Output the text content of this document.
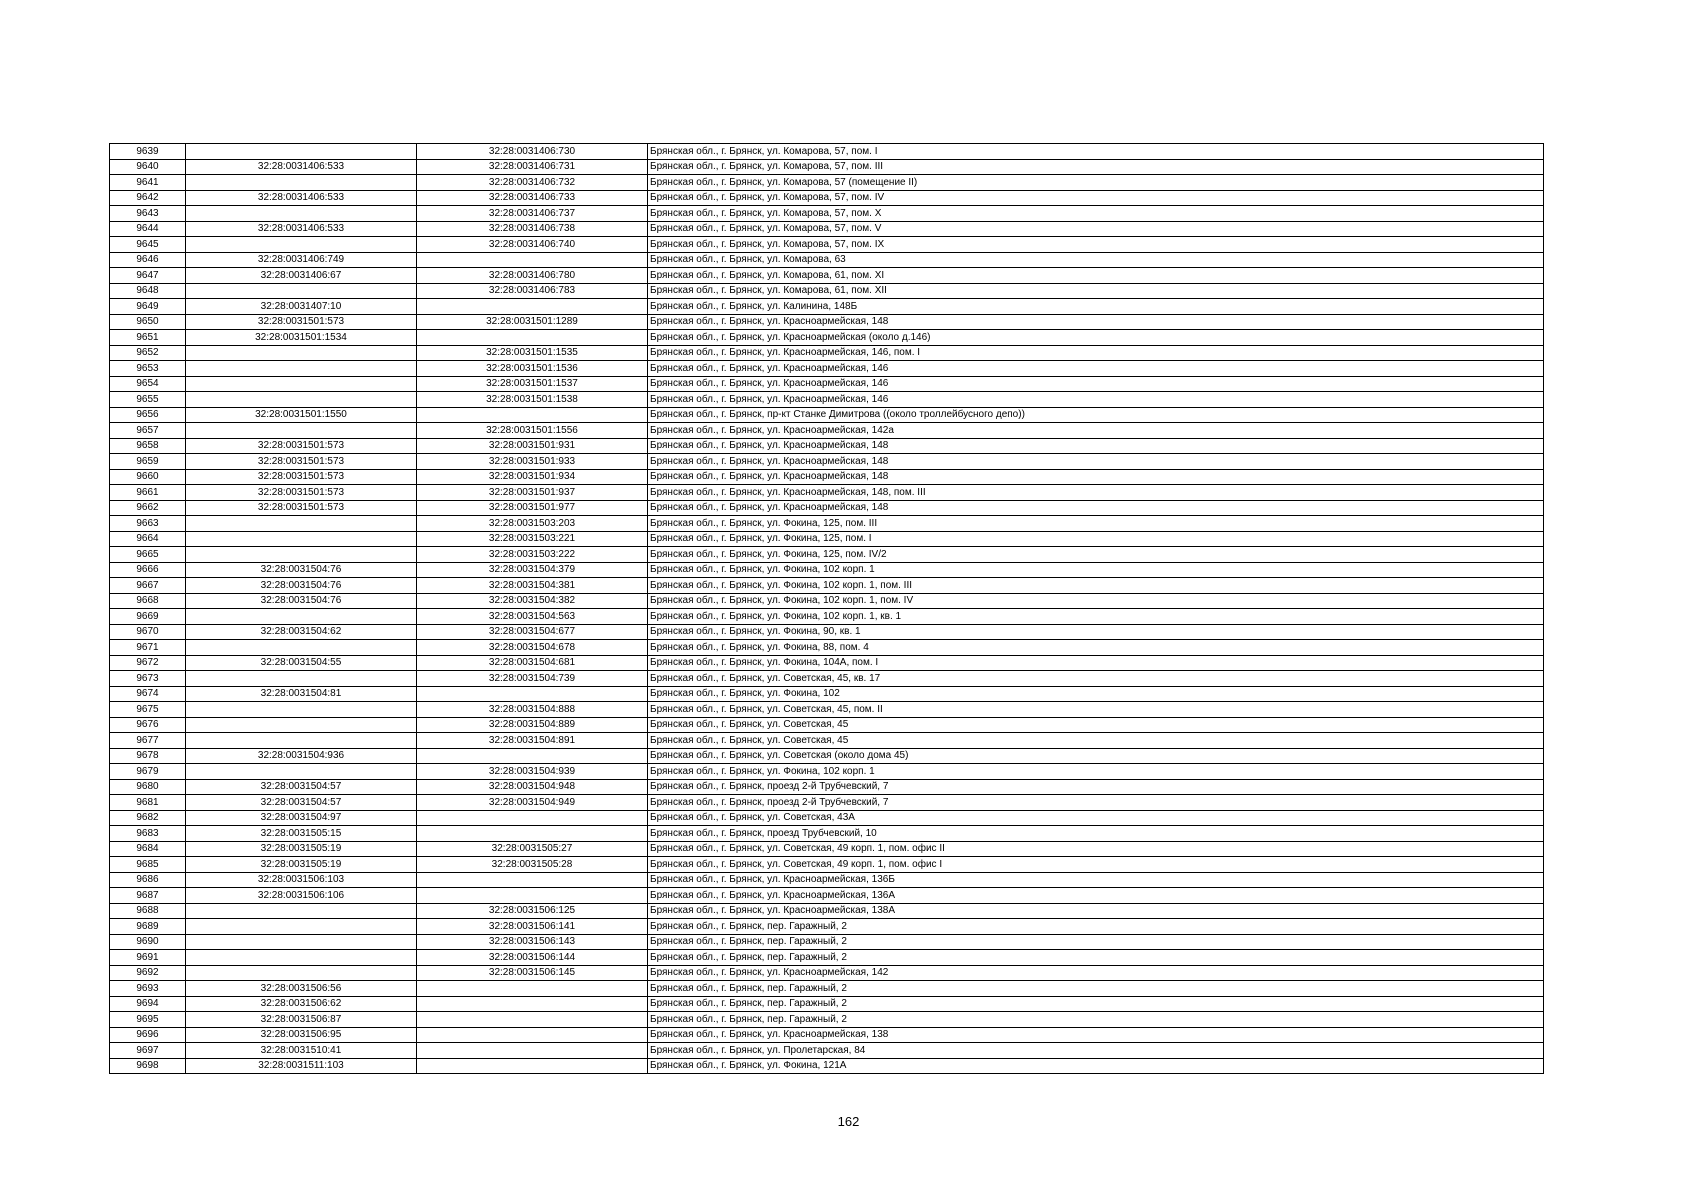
9639		32:28:0031406:730	Брянская обл., г. Брянск, ул. Комарова, 57, пом. I
9640	32:28:0031406:533	32:28:0031406:731	Брянская обл., г. Брянск, ул. Комарова, 57, пом. III
9641		32:28:0031406:732	Брянская обл., г. Брянск, ул. Комарова, 57 (помещение II)
9642	32:28:0031406:533	32:28:0031406:733	Брянская обл., г. Брянск, ул. Комарова, 57, пом. IV
9643		32:28:0031406:737	Брянская обл., г. Брянск, ул. Комарова, 57, пом. X
9644	32:28:0031406:533	32:28:0031406:738	Брянская обл., г. Брянск, ул. Комарова, 57, пом. V
9645		32:28:0031406:740	Брянская обл., г. Брянск, ул. Комарова, 57, пом. IX
9646	32:28:0031406:749		Брянская обл., г. Брянск, ул. Комарова, 63
9647	32:28:0031406:67	32:28:0031406:780	Брянская обл., г. Брянск, ул. Комарова, 61, пом. XI
9648		32:28:0031406:783	Брянская обл., г. Брянск, ул. Комарова, 61, пом. XII
9649	32:28:0031407:10		Брянская обл., г. Брянск, ул. Калинина, 148Б
9650	32:28:0031501:573	32:28:0031501:1289	Брянская обл., г. Брянск, ул. Красноармейская, 148
9651	32:28:0031501:1534		Брянская обл., г. Брянск, ул. Красноармейская (около д.146)
9652		32:28:0031501:1535	Брянская обл., г. Брянск, ул. Красноармейская, 146, пом. I
9653		32:28:0031501:1536	Брянская обл., г. Брянск, ул. Красноармейская, 146
9654		32:28:0031501:1537	Брянская обл., г. Брянск, ул. Красноармейская, 146
9655		32:28:0031501:1538	Брянская обл., г. Брянск, ул. Красноармейская, 146
9656	32:28:0031501:1550		Брянская обл., г. Брянск, пр-кт Станке Димитрова ((около троллейбусного депо))
9657		32:28:0031501:1556	Брянская обл., г. Брянск, ул. Красноармейская, 142а
9658	32:28:0031501:573	32:28:0031501:931	Брянская обл., г. Брянск, ул. Красноармейская, 148
9659	32:28:0031501:573	32:28:0031501:933	Брянская обл., г. Брянск, ул. Красноармейская, 148
9660	32:28:0031501:573	32:28:0031501:934	Брянская обл., г. Брянск, ул. Красноармейская, 148
9661	32:28:0031501:573	32:28:0031501:937	Брянская обл., г. Брянск, ул. Красноармейская, 148, пом. III
9662	32:28:0031501:573	32:28:0031501:977	Брянская обл., г. Брянск, ул. Красноармейская, 148
9663		32:28:0031503:203	Брянская обл., г. Брянск, ул. Фокина, 125, пом. III
9664		32:28:0031503:221	Брянская обл., г. Брянск, ул. Фокина, 125, пом. I
9665		32:28:0031503:222	Брянская обл., г. Брянск, ул. Фокина, 125, пом. IV/2
9666	32:28:0031504:76	32:28:0031504:379	Брянская обл., г. Брянск, ул. Фокина, 102 корп. 1
9667	32:28:0031504:76	32:28:0031504:381	Брянская обл., г. Брянск, ул. Фокина, 102 корп. 1, пом. III
9668	32:28:0031504:76	32:28:0031504:382	Брянская обл., г. Брянск, ул. Фокина, 102 корп. 1, пом. IV
9669		32:28:0031504:563	Брянская обл., г. Брянск, ул. Фокина, 102 корп. 1, кв. 1
9670	32:28:0031504:62	32:28:0031504:677	Брянская обл., г. Брянск, ул. Фокина, 90, кв. 1
9671		32:28:0031504:678	Брянская обл., г. Брянск, ул. Фокина, 88, пом. 4
9672	32:28:0031504:55	32:28:0031504:681	Брянская обл., г. Брянск, ул. Фокина, 104А, пом. I
9673		32:28:0031504:739	Брянская обл., г. Брянск, ул. Советская, 45, кв. 17
9674	32:28:0031504:81		Брянская обл., г. Брянск, ул. Фокина, 102
9675		32:28:0031504:888	Брянская обл., г. Брянск, ул. Советская, 45, пом. II
9676		32:28:0031504:889	Брянская обл., г. Брянск, ул. Советская, 45
9677		32:28:0031504:891	Брянская обл., г. Брянск, ул. Советская, 45
9678	32:28:0031504:936		Брянская обл., г. Брянск, ул. Советская (около дома 45)
9679		32:28:0031504:939	Брянская обл., г. Брянск, ул. Фокина, 102 корп. 1
9680	32:28:0031504:57	32:28:0031504:948	Брянская обл., г. Брянск, проезд 2-й Трубчевский, 7
9681	32:28:0031504:57	32:28:0031504:949	Брянская обл., г. Брянск, проезд 2-й Трубчевский, 7
9682	32:28:0031504:97		Брянская обл., г. Брянск, ул. Советская, 43А
9683	32:28:0031505:15		Брянская обл., г. Брянск, проезд Трубчевский, 10
9684	32:28:0031505:19	32:28:0031505:27	Брянская обл., г. Брянск, ул. Советская, 49 корп. 1, пом. офис II
9685	32:28:0031505:19	32:28:0031505:28	Брянская обл., г. Брянск, ул. Советская, 49 корп. 1, пом. офис I
9686	32:28:0031506:103		Брянская обл., г. Брянск, ул. Красноармейская, 136Б
9687	32:28:0031506:106		Брянская обл., г. Брянск, ул. Красноармейская, 136А
9688		32:28:0031506:125	Брянская обл., г. Брянск, ул. Красноармейская, 138А
9689		32:28:0031506:141	Брянская обл., г. Брянск, пер. Гаражный, 2
9690		32:28:0031506:143	Брянская обл., г. Брянск, пер. Гаражный, 2
9691		32:28:0031506:144	Брянская обл., г. Брянск, пер. Гаражный, 2
9692		32:28:0031506:145	Брянская обл., г. Брянск, ул. Красноармейская, 142
9693	32:28:0031506:56		Брянская обл., г. Брянск, пер. Гаражный, 2
9694	32:28:0031506:62		Брянская обл., г. Брянск, пер. Гаражный, 2
9695	32:28:0031506:87		Брянская обл., г. Брянск, пер. Гаражный, 2
9696	32:28:0031506:95		Брянская обл., г. Брянск, ул. Красноармейская, 138
9697	32:28:0031510:41		Брянская обл., г. Брянск, ул. Пролетарская, 84
9698	32:28:0031511:103		Брянская обл., г. Брянск, ул. Фокина, 121А
162
